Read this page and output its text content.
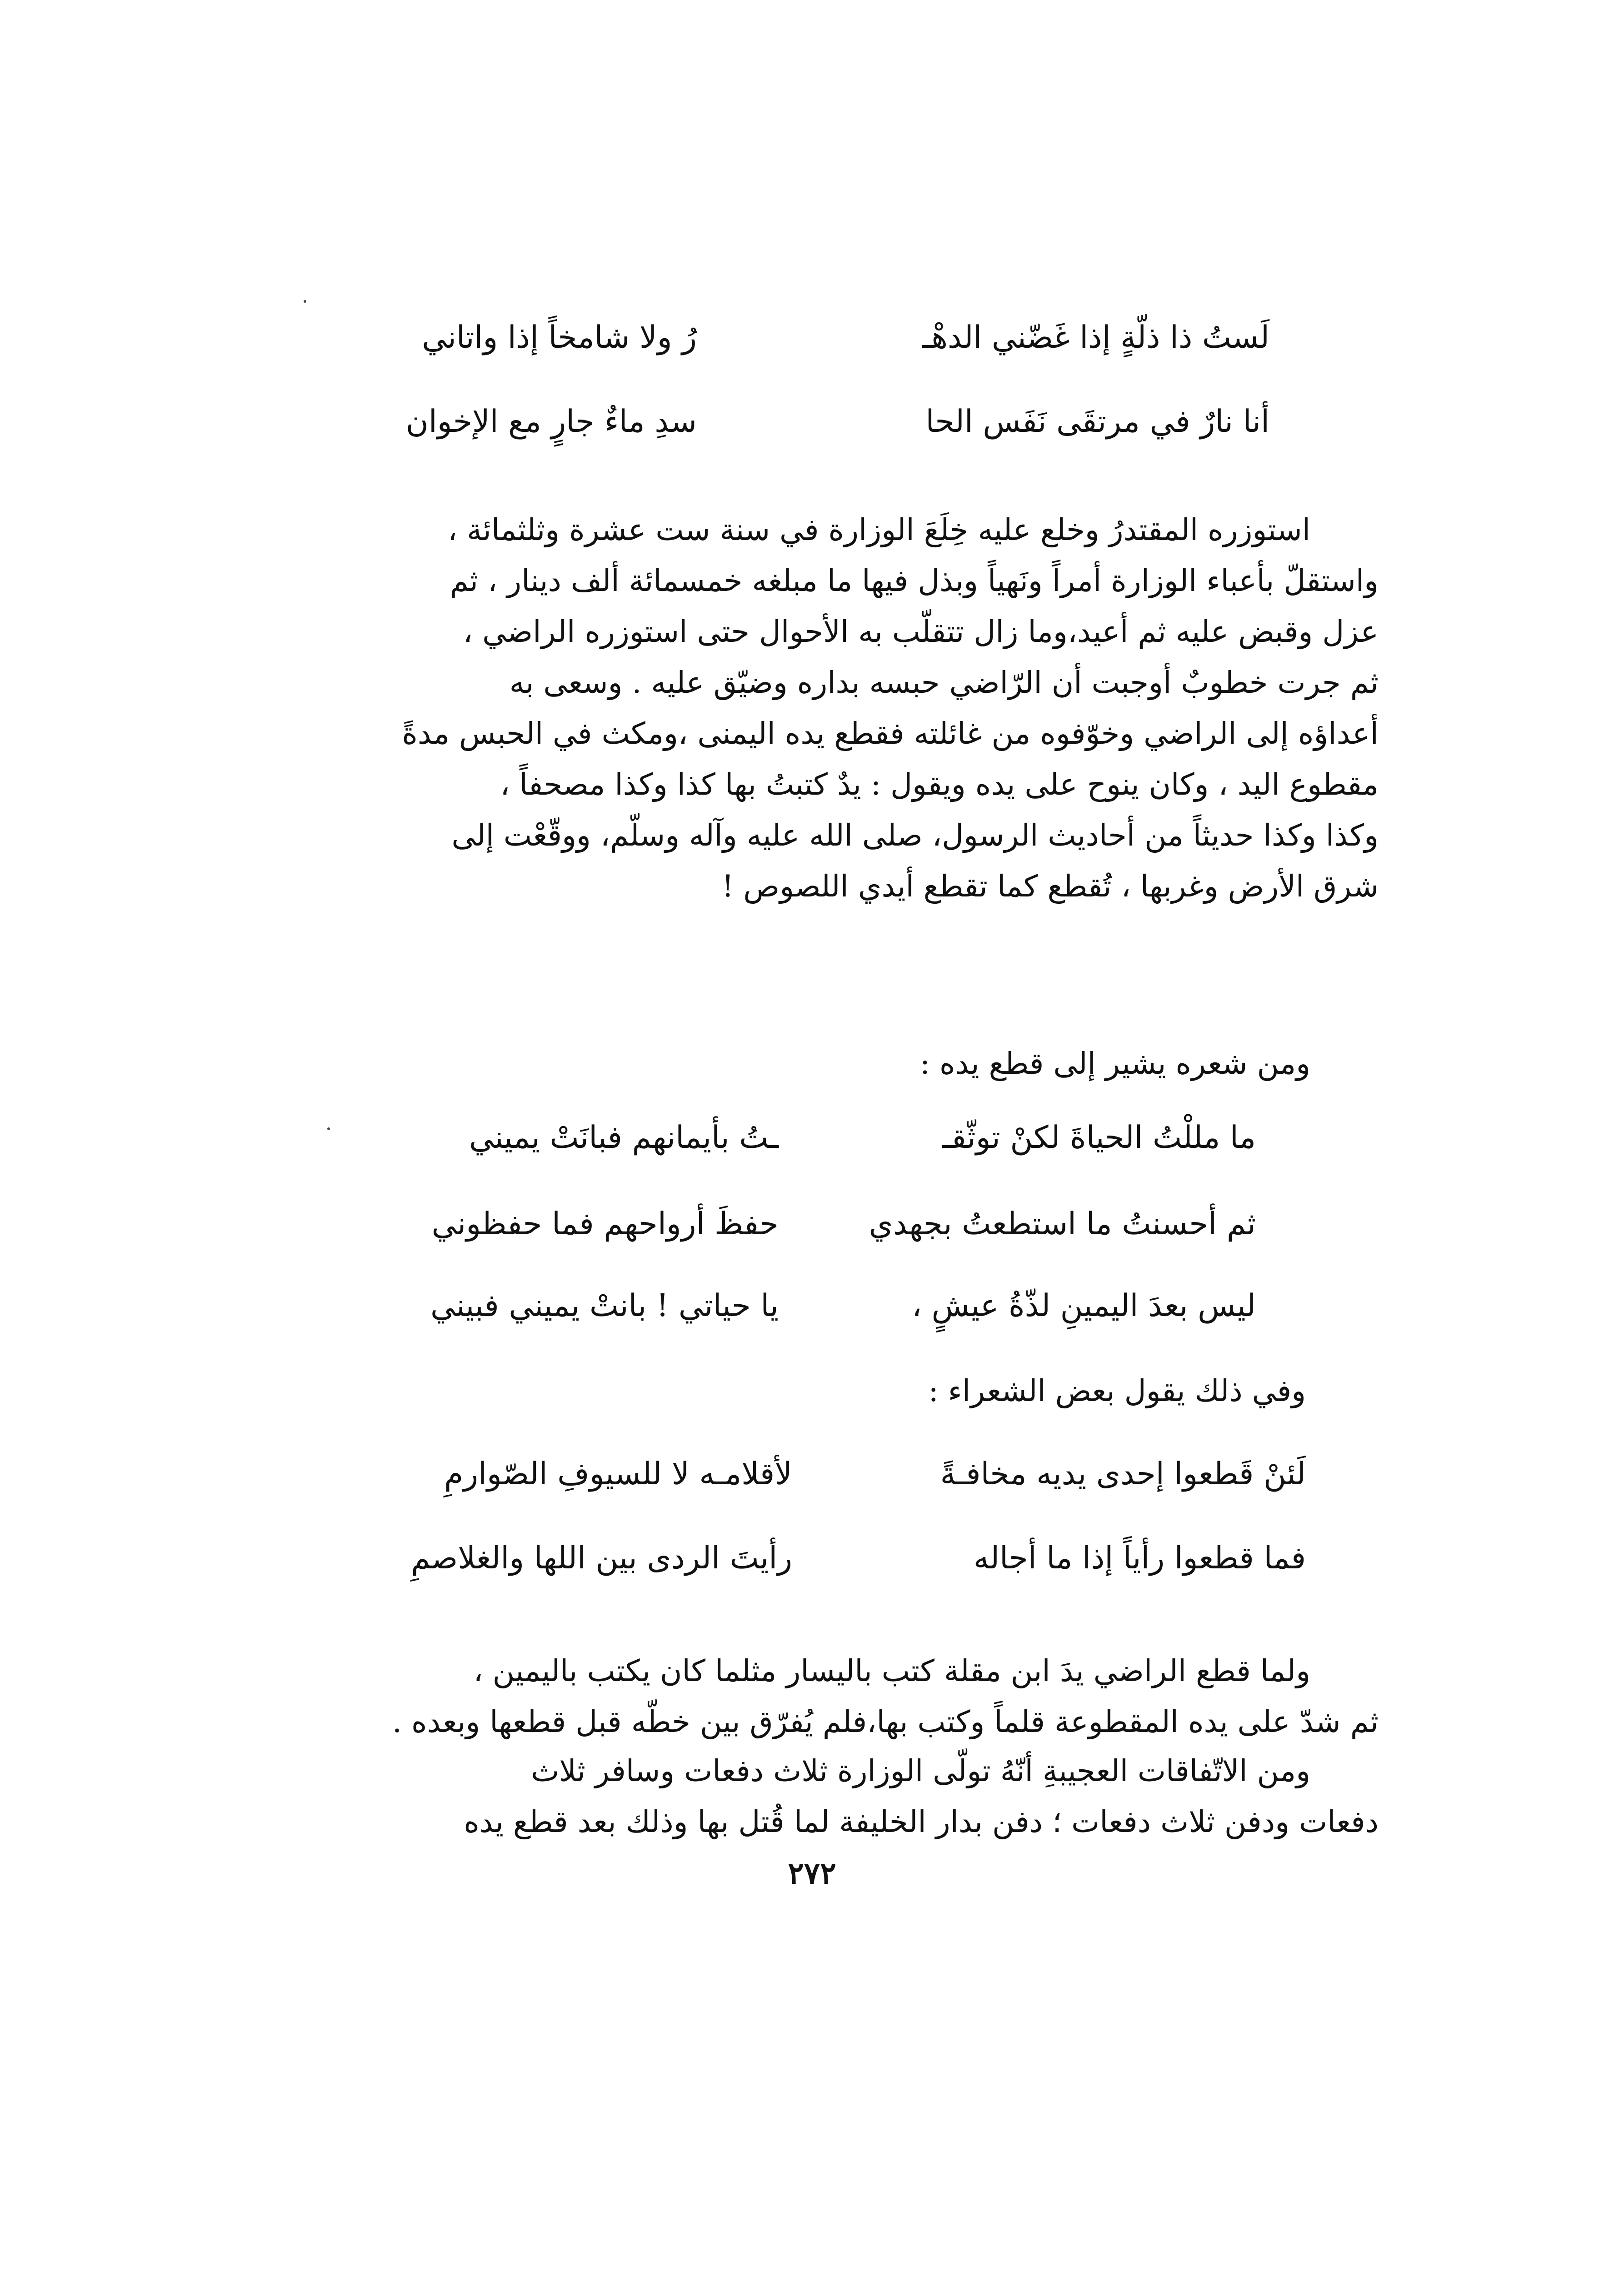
لَستُ ذا ذلّةٍ إذا غَضّني الدهْـ
رُ ولا شامخاً إذا واتاني
أنا نارٌ في مرتقَى نَفَس الحا
سدِ ماءٌ جارٍ مع الإخوان

استوزره المقتدرُ وخلع عليه خِلَعَ الوزارة في سنة ست عشرة وثلثمائة ،

واستقلّ بأعباء الوزارة أمراً ونَهياً وبذل فيها ما مبلغه خمسمائة ألف دينار ، ثم

عزل وقبض عليه ثم أعيد،وما زال تتقلّب به الأحوال حتى استوزره الراضي ،

ثم جرت خطوبٌ أوجبت أن الرّاضي حبسه بداره وضيّق عليه . وسعى به

أعداؤه إلى الراضي وخوّفوه من غائلته فقطع يده اليمنى ،ومكث في الحبس مدةً

مقطوع اليد ، وكان ينوح على يده ويقول : يدٌ كتبتُ بها كذا وكذا مصحفاً ،

وكذا وكذا حديثاً من أحاديث الرسول، صلى الله عليه وآله وسلّم، ووقّعْت إلى

شرق الأرض وغربها ، تُقطع كما تقطع أيدي اللصوص !

ومن شعره يشير إلى قطع يده :
ما مللْتُ الحياةَ لكنْ توثّقـ
ـتُ بأيمانهم فبانَتْ يميني
ثم أحسنتُ ما استطعتُ بجهدي
حفظَ أرواحهم فما حفظوني
ليس بعدَ اليمينِ لذّةُ عيشٍ ،
يا حياتي ! بانتْ يميني فبيني
وفي ذلك يقول بعض الشعراء :
لَئنْ قَطعوا إحدى يديه مخافـةً
لأقلامـه لا للسيوفِ الصّوارمِ
فما قطعوا رأياً إذا ما أجاله
رأيتَ الردى بين اللها والغلاصمِ

ولما قطع الراضي يدَ ابن مقلة كتب باليسار مثلما كان يكتب باليمين ،

ثم شدّ على يده المقطوعة قلماً وكتب بها،فلم يُفرّق بين خطّه قبل قطعها وبعده .

ومن الاتّفاقات العجيبةِ أنّهُ تولّى الوزارة ثلاث دفعات وسافر ثلاث

دفعات ودفن ثلاث دفعات ؛ دفن بدار الخليفة لما قُتل بها وذلك بعد قطع يده

٢٧٢
